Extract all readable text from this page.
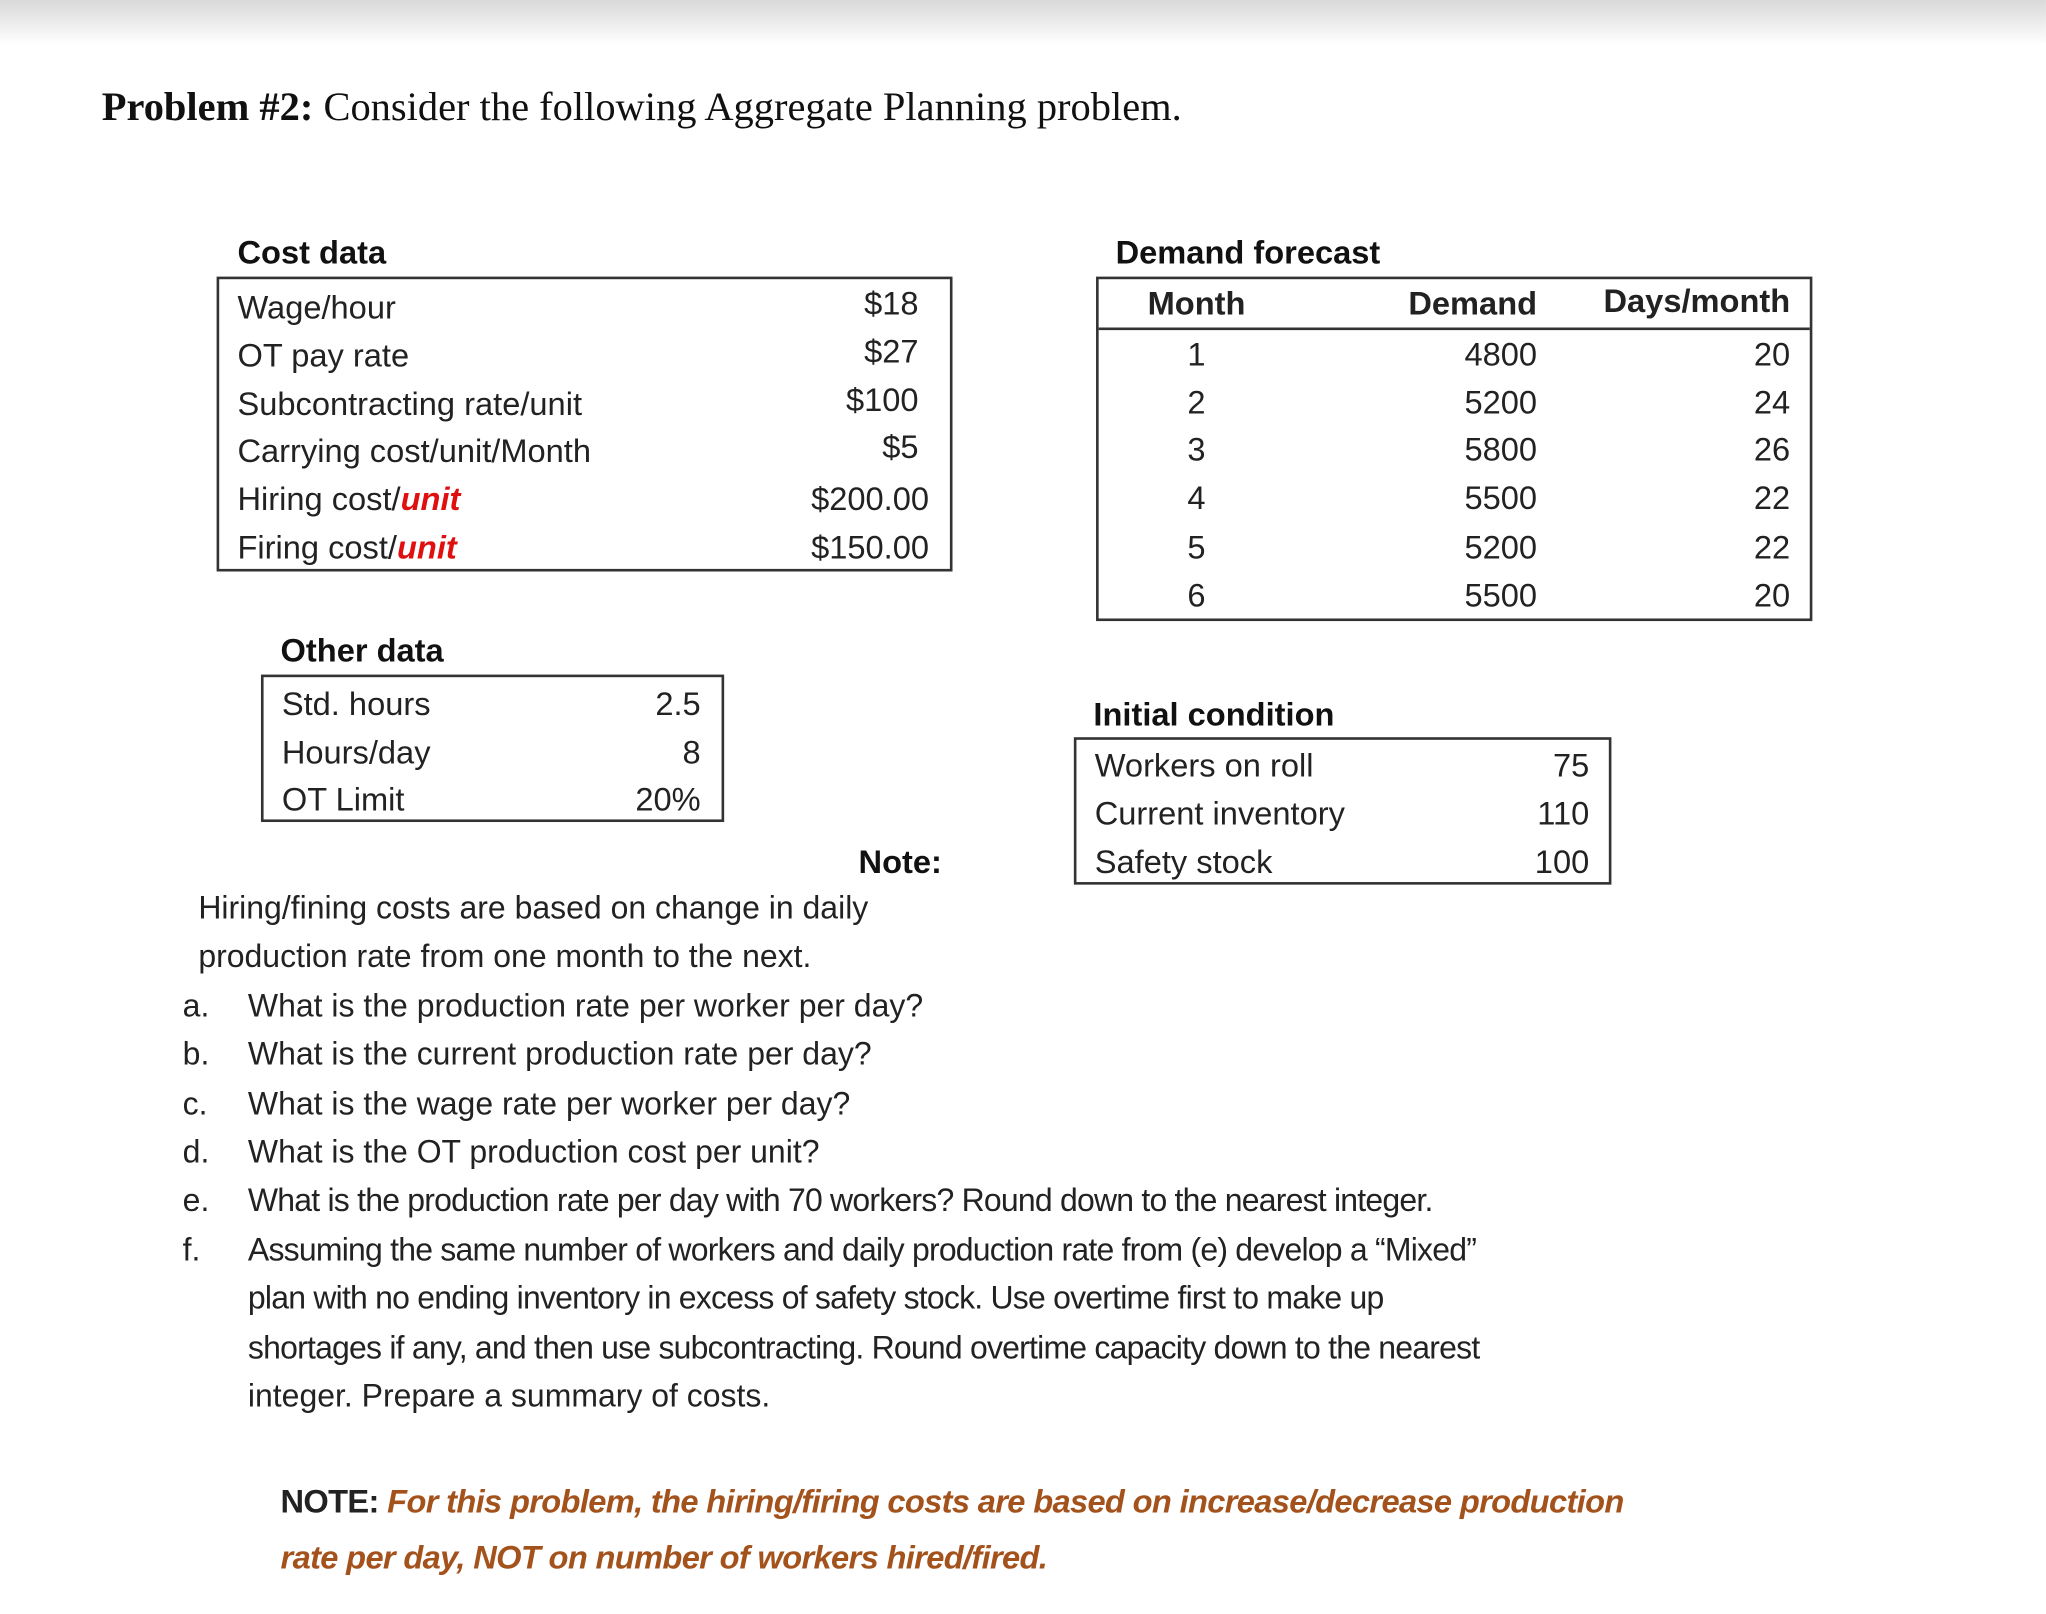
Problem #2: Consider the following Aggregate Planning problem.
Cost data
Wage/hour	$18
OT pay rate	$27
Subcontracting rate/unit	$100
Carrying cost/unit/Month	$5
Hiring cost/unit	$200.00
Firing cost/unit	$150.00
Demand forecast
Month	Demand	Days/month
1	4800	20
2	5200	24
3	5800	26
4	5500	22
5	5200	22
6	5500	20
Other data
Std. hours	2.5
Hours/day	8
OT Limit	20%
Initial condition
Workers on roll	75
Current inventory	110
Safety stock	100
Note:
Hiring/fining costs are based on change in daily
production rate from one month to the next.
a. What is the production rate per worker per day?
b. What is the current production rate per day?
c. What is the wage rate per worker per day?
d. What is the OT production cost per unit?
e. What is the production rate per day with 70 workers? Round down to the nearest integer.
f. Assuming the same number of workers and daily production rate from (e) develop a “Mixed”
plan with no ending inventory in excess of safety stock. Use overtime first to make up
shortages if any, and then use subcontracting. Round overtime capacity down to the nearest
integer. Prepare a summary of costs.
NOTE: For this problem, the hiring/firing costs are based on increase/decrease production
rate per day, NOT on number of workers hired/fired.
